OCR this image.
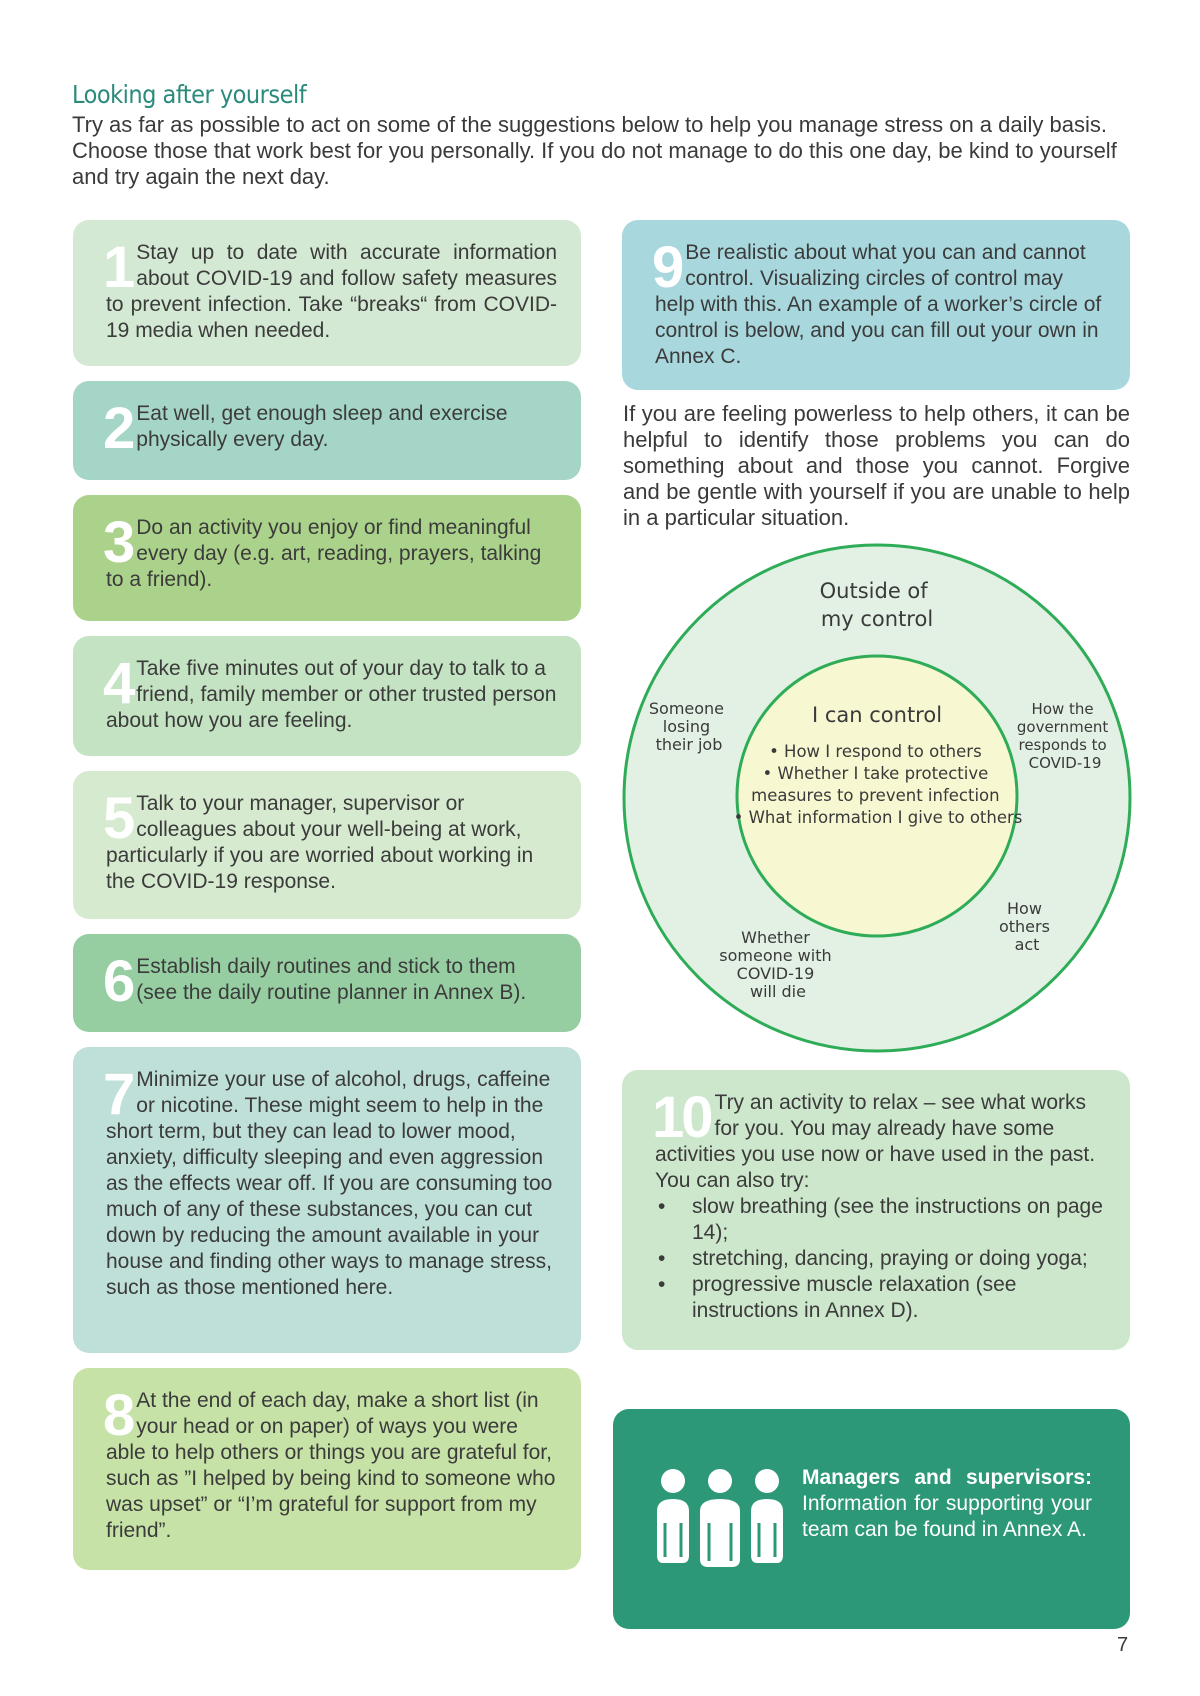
Looking after yourself
Try as far as possible to act on some of the suggestions below to help you manage stress on a daily basis. Choose those that work best for you personally. If you do not manage to do this one day, be kind to yourself and try again the next day.
1 Stay up to date with accurate information about COVID-19 and follow safety measures to prevent infection. Take “breaks“ from COVID-19 media when needed.
2 Eat well, get enough sleep and exercise physically every day.
3 Do an activity you enjoy or find meaningful every day (e.g. art, reading, prayers, talking to a friend).
4 Take five minutes out of your day to talk to a friend, family member or other trusted person about how you are feeling.
5 Talk to your manager, supervisor or colleagues about your well-being at work, particularly if you are worried about working in the COVID-19 response.
6 Establish daily routines and stick to them (see the daily routine planner in Annex B).
7 Minimize your use of alcohol, drugs, caffeine or nicotine. These might seem to help in the short term, but they can lead to lower mood, anxiety, difficulty sleeping and even aggression as the effects wear off. If you are consuming too much of any of these substances, you can cut down by reducing the amount available in your house and finding other ways to manage stress, such as those mentioned here.
8 At the end of each day, make a short list (in your head or on paper) of ways you were able to help others or things you are grateful for, such as ”I helped by being kind to someone who was upset” or “I’m grateful for support from my friend”.
9 Be realistic about what you can and cannot control. Visualizing circles of control may help with this. An example of a worker’s circle of control is below, and you can fill out your own in Annex C.
If you are feeling powerless to help others, it can be helpful to identify those problems you can do something about and those you cannot. Forgive and be gentle with yourself if you are unable to help in a particular situation.
Outside of my control
I can control
• How I respond to others • Whether I take protective measures to prevent infection • What information I give to others
Someone losing their job
How the government responds to COVID-19
Whether someone with COVID-19 will die
How others act
10 Try an activity to relax – see what works for you. You may already have some activities you use now or have used in the past. You can also try:
• slow breathing (see the instructions on page 14);
• stretching, dancing, praying or doing yoga;
• progressive muscle relaxation (see instructions in Annex D).
Managers and supervisors: Information for supporting your team can be found in Annex A.
7
